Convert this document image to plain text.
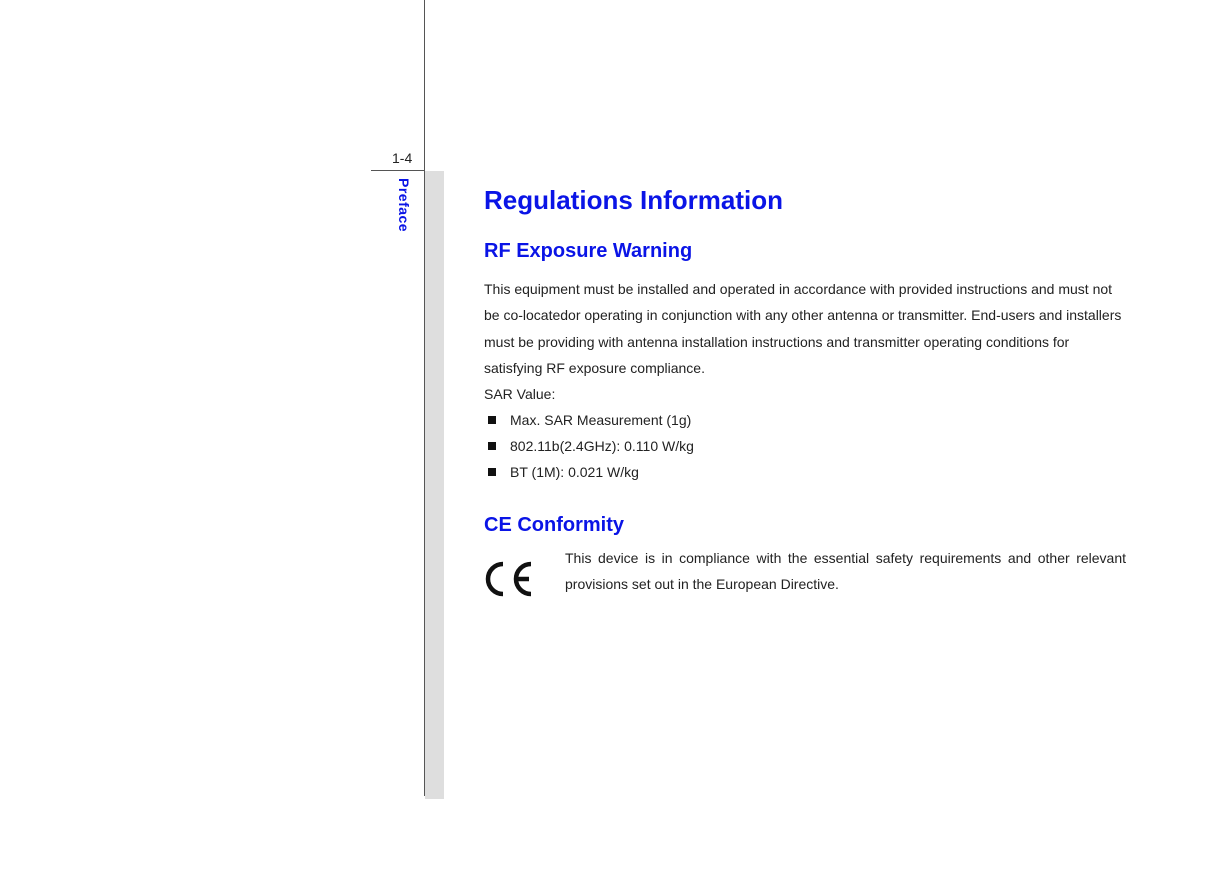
1-4
Preface	Regulations Information
RF Exposure Warning

This equipment must be installed and operated in accordance with provided instructions and must not be co-locatedor operating in conjunction with any other antenna or transmitter. End-users and installers must be providing with antenna installation instructions and transmitter operating conditions for satisfying RF exposure compliance.

SAR Value:

Max. SAR Measurement (1g)
802.11b(2.4GHz): 0.110 W/kg
BT (1M): 0.021 W/kg
CE Conformity
This device is in compliance with the essential safety requirements and other relevant provisions set out in the European Directive.
